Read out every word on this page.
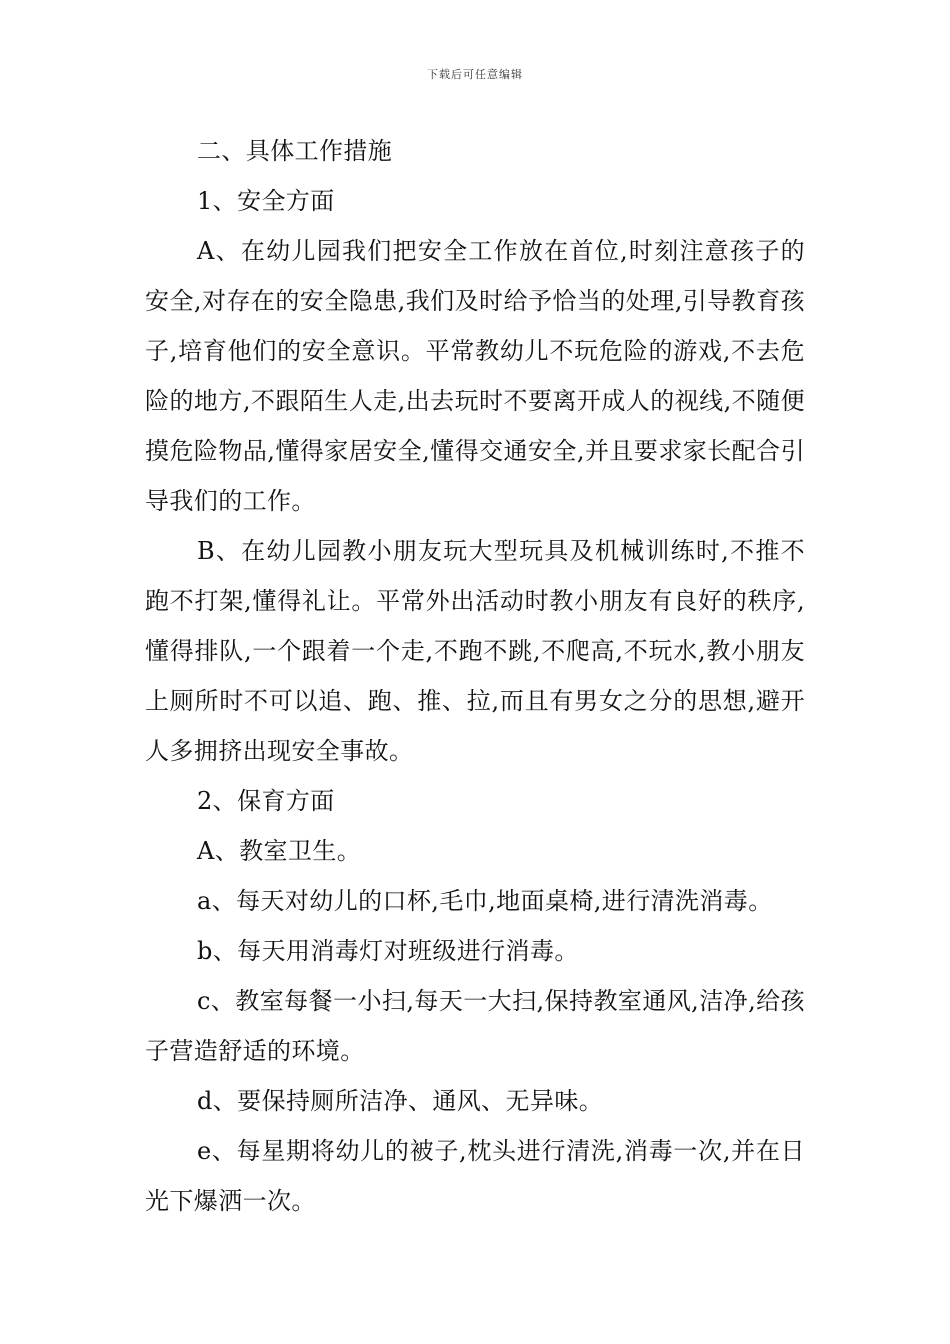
下载后可任意编辑

二、具体工作措施

1、安全方面

A、在幼儿园我们把安全工作放在首位,时刻注意孩子的安全,对存在的安全隐患,我们及时给予恰当的处理,引导教育孩子,培育他们的安全意识。平常教幼儿不玩危险的游戏,不去危险的地方,不跟陌生人走,出去玩时不要离开成人的视线,不随便摸危险物品,懂得家居安全,懂得交通安全,并且要求家长配合引导我们的工作。

B、在幼儿园教小朋友玩大型玩具及机械训练时,不推不跑不打架,懂得礼让。平常外出活动时教小朋友有良好的秩序,懂得排队,一个跟着一个走,不跑不跳,不爬高,不玩水,教小朋友上厕所时不可以追、跑、推、拉,而且有男女之分的思想,避开人多拥挤出现安全事故。

2、保育方面

A、教室卫生。

a、每天对幼儿的口杯,毛巾,地面桌椅,进行清洗消毒。

b、每天用消毒灯对班级进行消毒。

c、教室每餐一小扫,每天一大扫,保持教室通风,洁净,给孩子营造舒适的环境。

d、要保持厕所洁净、通风、无异味。

e、每星期将幼儿的被子,枕头进行清洗,消毒一次,并在日光下爆洒一次。
